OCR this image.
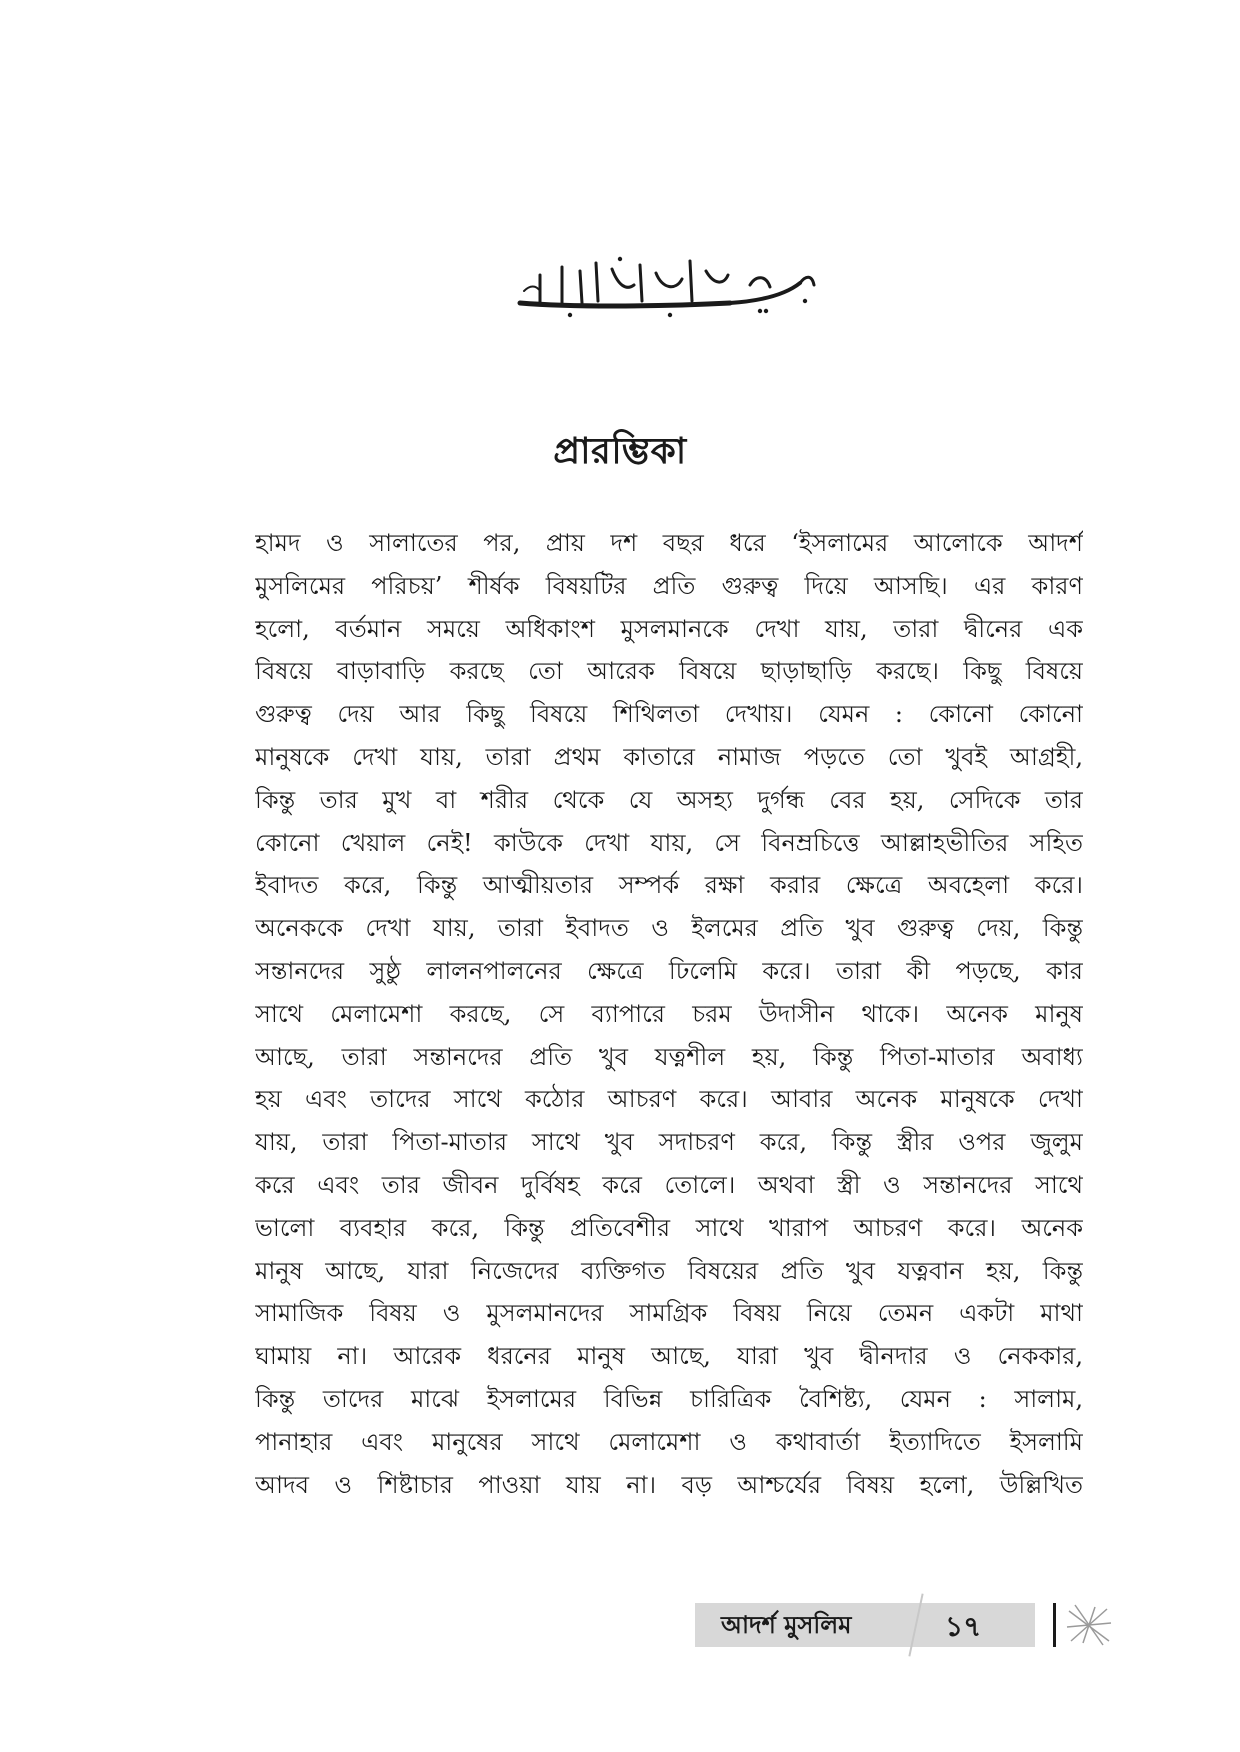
بسم الله الرحمن الرحيم
প্রারম্ভিকা
হামদ ও সালাতের পর, প্রায় দশ বছর ধরে ‘ইসলামের আলোকে আদর্শ
মুসলিমের পরিচয়’ শীর্ষক বিষয়টির প্রতি গুরুত্ব দিয়ে আসছি। এর কারণ
হলো, বর্তমান সময়ে অধিকাংশ মুসলমানকে দেখা যায়, তারা দ্বীনের এক
বিষয়ে বাড়াবাড়ি করছে তো আরেক বিষয়ে ছাড়াছাড়ি করছে। কিছু বিষয়ে
গুরুত্ব দেয় আর কিছু বিষয়ে শিথিলতা দেখায়। যেমন : কোনো কোনো
মানুষকে দেখা যায়, তারা প্রথম কাতারে নামাজ পড়তে তো খুবই আগ্রহী,
কিন্তু তার মুখ বা শরীর থেকে যে অসহ্য দুর্গন্ধ বের হয়, সেদিকে তার
কোনো খেয়াল নেই! কাউকে দেখা যায়, সে বিনম্রচিত্তে আল্লাহভীতির সহিত
ইবাদত করে, কিন্তু আত্মীয়তার সম্পর্ক রক্ষা করার ক্ষেত্রে অবহেলা করে।
অনেককে দেখা যায়, তারা ইবাদত ও ইলমের প্রতি খুব গুরুত্ব দেয়, কিন্তু
সন্তানদের সুষ্ঠু লালনপালনের ক্ষেত্রে ঢিলেমি করে। তারা কী পড়ছে, কার
সাথে মেলামেশা করছে, সে ব্যাপারে চরম উদাসীন থাকে। অনেক মানুষ
আছে, তারা সন্তানদের প্রতি খুব যত্নশীল হয়, কিন্তু পিতা-মাতার অবাধ্য
হয় এবং তাদের সাথে কঠোর আচরণ করে। আবার অনেক মানুষকে দেখা
যায়, তারা পিতা-মাতার সাথে খুব সদাচরণ করে, কিন্তু স্ত্রীর ওপর জুলুম
করে এবং তার জীবন দুর্বিষহ করে তোলে। অথবা স্ত্রী ও সন্তানদের সাথে
ভালো ব্যবহার করে, কিন্তু প্রতিবেশীর সাথে খারাপ আচরণ করে। অনেক
মানুষ আছে, যারা নিজেদের ব্যক্তিগত বিষয়ের প্রতি খুব যত্নবান হয়, কিন্তু
সামাজিক বিষয় ও মুসলমানদের সামগ্রিক বিষয় নিয়ে তেমন একটা মাথা
ঘামায় না। আরেক ধরনের মানুষ আছে, যারা খুব দ্বীনদার ও নেককার,
কিন্তু তাদের মাঝে ইসলামের বিভিন্ন চারিত্রিক বৈশিষ্ট্য, যেমন : সালাম,
পানাহার এবং মানুষের সাথে মেলামেশা ও কথাবার্তা ইত্যাদিতে ইসলামি
আদব ও শিষ্টাচার পাওয়া যায় না। বড় আশ্চর্যের বিষয় হলো, উল্লিখিত
আদর্শ মুসলিম	১৭
